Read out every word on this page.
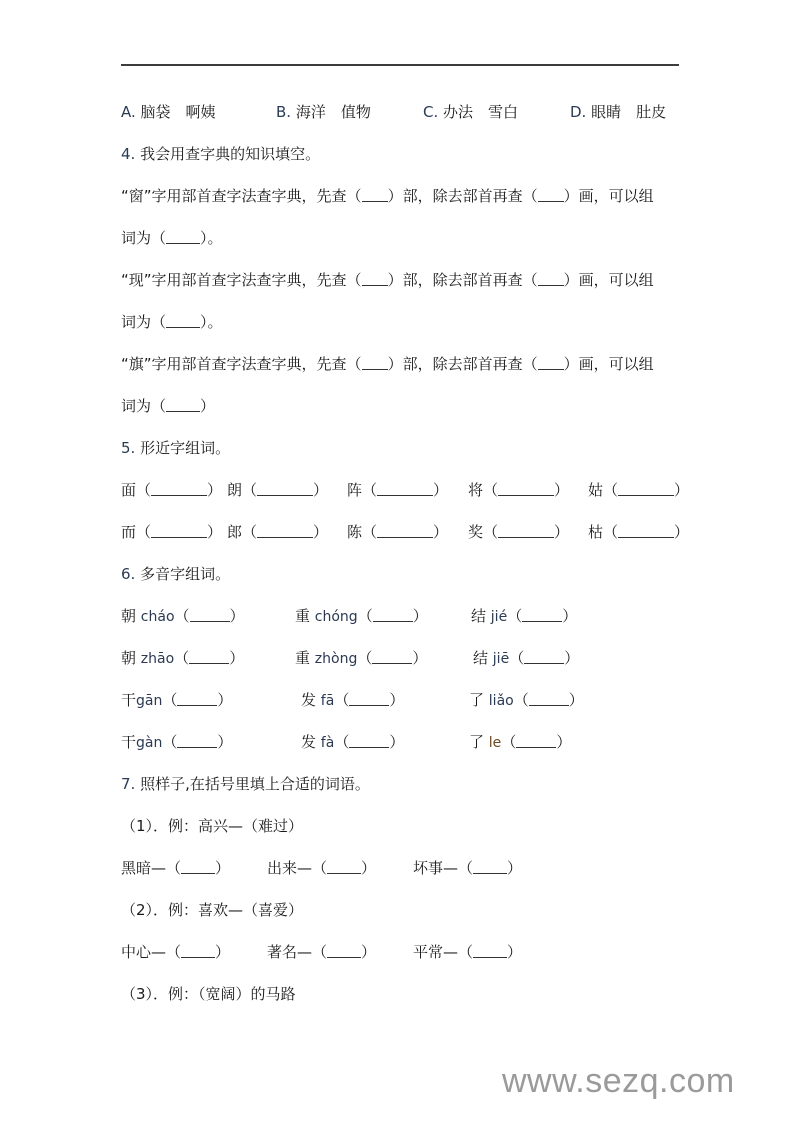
A. 脑袋　啊姨	B. 海洋　值物	C. 办法　雪白	D. 眼睛　肚皮
4. 我会用查字典的知识填空。
“窗”字用部首查字法查字典，先查（ ）部，除去部首再查（ ）画，可以组
词为（ ）。
“现”字用部首查字法查字典，先查（ ）部，除去部首再查（ ）画，可以组
词为（ ）。
“旗”字用部首查字法查字典，先查（ ）部，除去部首再查（ ）画，可以组
词为（ ）
5. 形近字组词。
面（	） 朗（	） 阵（	） 将（	） 姑（	）
而（	） 郎（	） 陈（	） 奖（	） 枯（	）
6. 多音字组词。
朝 cháo（	）	重 chóng（	）	结 jié（	）
朝 zhāo（	）	重 zhòng（	）	结 jiē（	）
干gān（	）	发 fā（	）	了 liǎo（	）
干gàn（	）	发 fà（	）	了 le（	）
7. 照样子,在括号里填上合适的词语。
（1）．例：高兴—（难过）
黑暗—（ ） 出来—（ ） 坏事—（ ）
（2）．例：喜欢—（喜爱）
中心—（ ） 著名—（ ） 平常—（ ）
（3）．例：（宽阔）的马路
www.sezq.com
